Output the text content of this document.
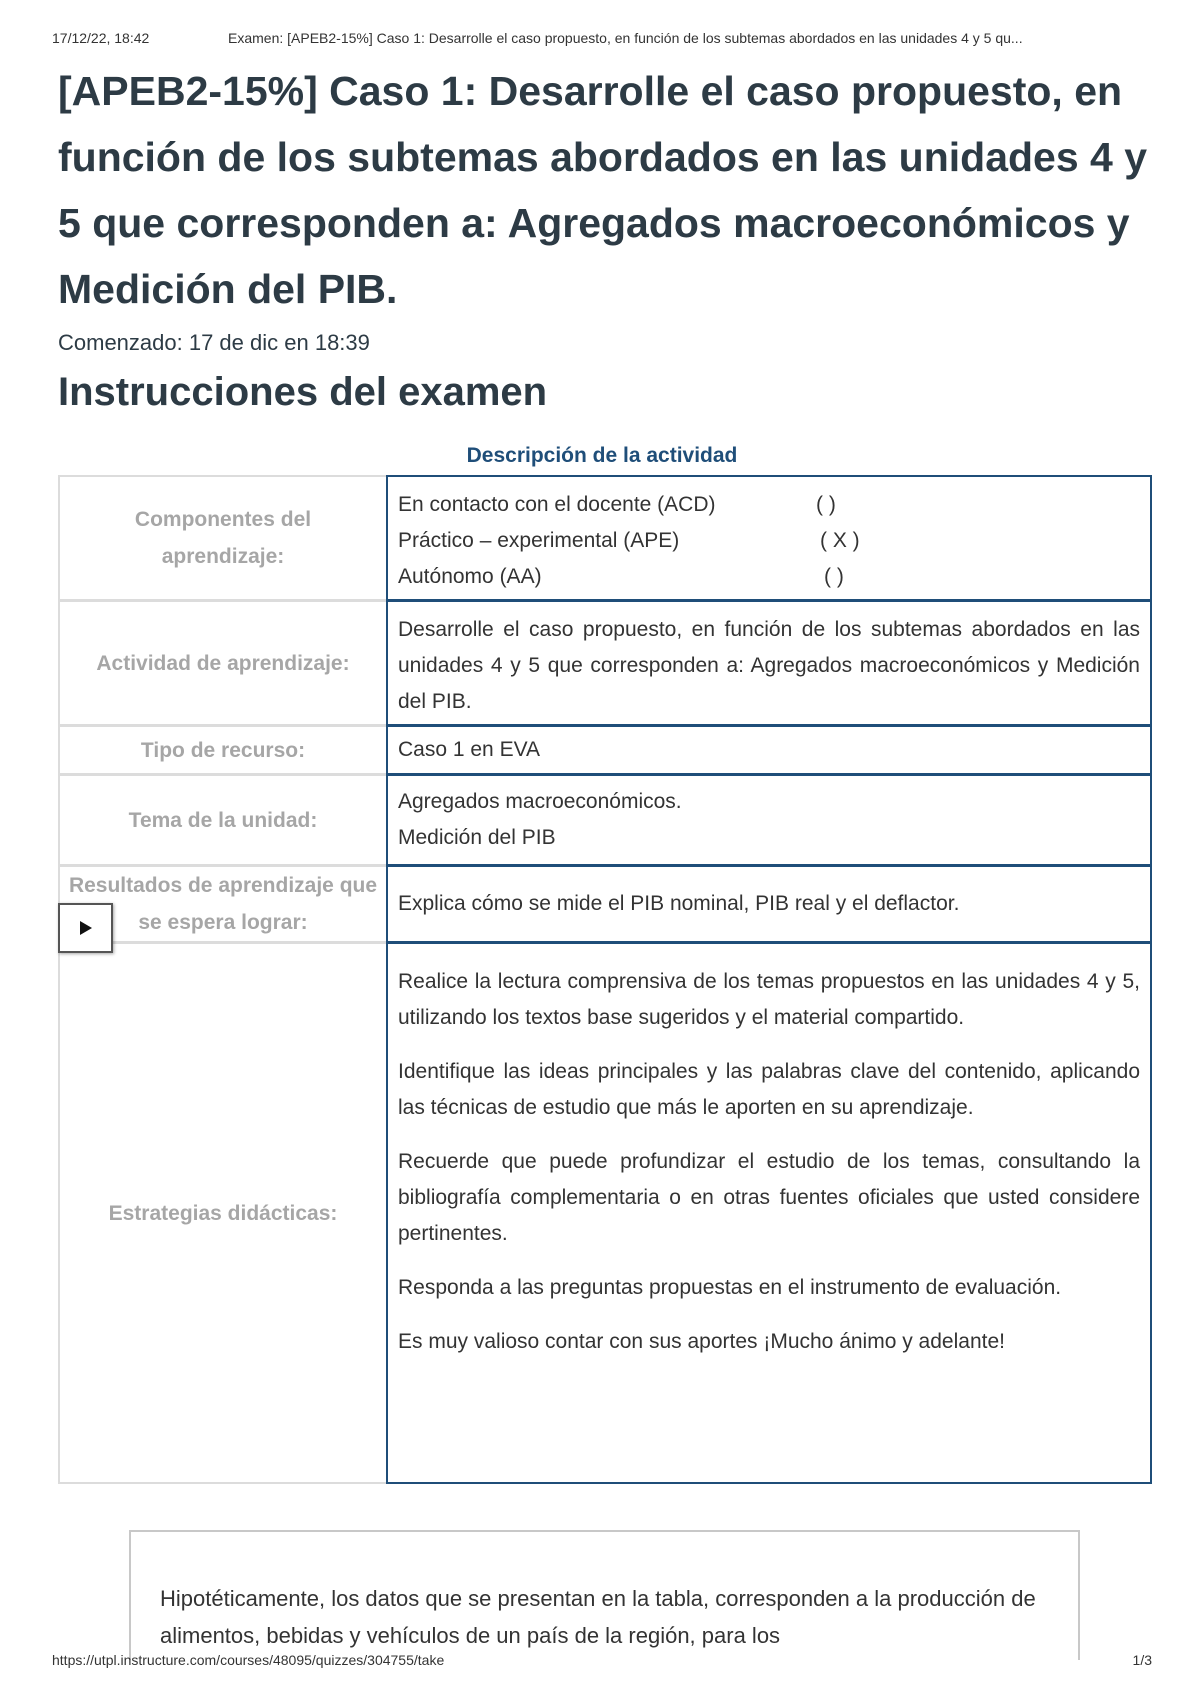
17/12/22, 18:42	Examen: [APEB2-15%] Caso 1: Desarrolle el caso propuesto, en función de los subtemas abordados en las unidades 4 y 5 qu...
[APEB2-15%] Caso 1: Desarrolle el caso propuesto, en función de los subtemas abordados en las unidades 4 y 5 que corresponden a: Agregados macroeconómicos y Medición del PIB.
Comenzado: 17 de dic en 18:39
Instrucciones del examen
Descripción de la actividad
Componentes del aprendizaje:
En contacto con el docente (ACD)	( )
Práctico – experimental (APE)	( X )
Autónomo (AA)	( )
Actividad de aprendizaje:
Desarrolle el caso propuesto, en función de los subtemas abordados en las unidades 4 y 5 que corresponden a: Agregados macroeconómicos y Medición del PIB.
Tipo de recurso:	Caso 1 en EVA
Tema de la unidad:
Agregados macroeconómicos.
Medición del PIB
Resultados de aprendizaje que se espera lograr:
Explica cómo se mide el PIB nominal, PIB real y el deflactor.
Estrategias didácticas:

Realice la lectura comprensiva de los temas propuestos en las unidades 4 y 5, utilizando los textos base sugeridos y el material compartido.

Identifique las ideas principales y las palabras clave del contenido, aplicando las técnicas de estudio que más le aporten en su aprendizaje.

Recuerde que puede profundizar el estudio de los temas, consultando la bibliografía complementaria o en otras fuentes oficiales que usted considere pertinentes.

Responda a las preguntas propuestas en el instrumento de evaluación.

Es muy valioso contar con sus aportes ¡Mucho ánimo y adelante!

Hipotéticamente, los datos que se presentan en la tabla, corresponden a la producción de alimentos, bebidas y vehículos de un país de la región, para los

https://utpl.instructure.com/courses/48095/quizzes/304755/take	1/3
